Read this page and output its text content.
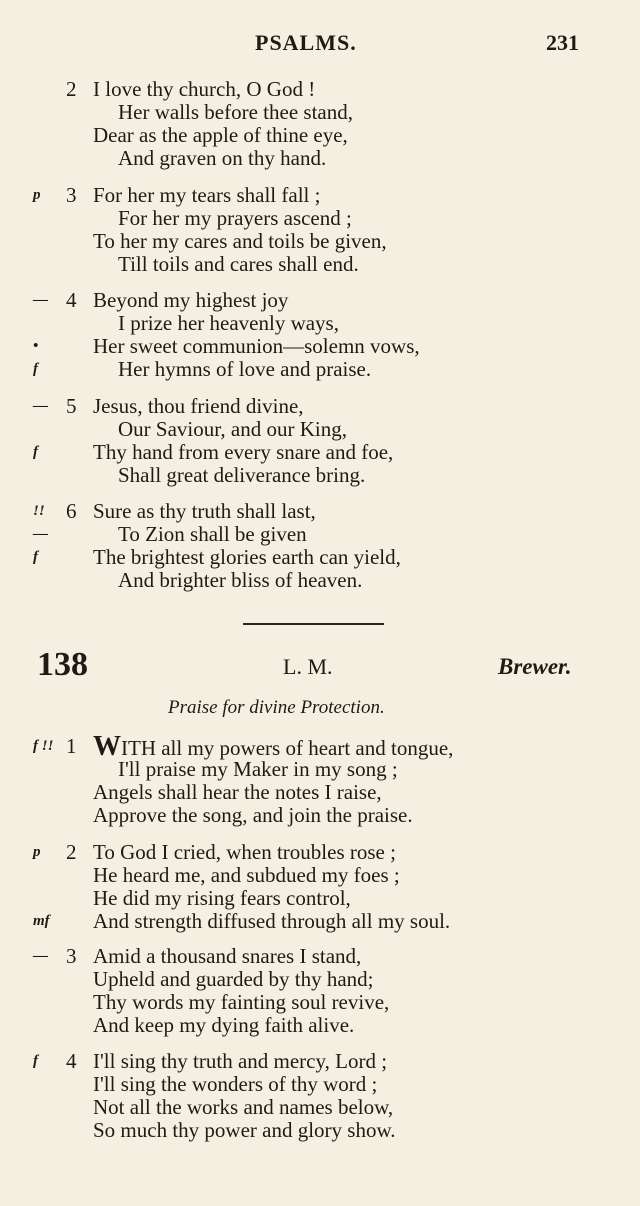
PSALMS.	231
2 I love thy church, O God !
Her walls before thee stand,
Dear as the apple of thine eye,
And graven on thy hand.
p 3 For her my tears shall fall ;
For her my prayers ascend ;
To her my cares and toils be given,
Till toils and cares shall end.
— 4 Beyond my highest joy
I prize her heavenly ways,
•	Her sweet communion—solemn vows,
f	Her hymns of love and praise.
— 5 Jesus, thou friend divine,
Our Saviour, and our King,
f	Thy hand from every snare and foe,
Shall great deliverance bring.
!! 6 Sure as thy truth shall last,
—	To Zion shall be given
f	The brightest glories earth can yield,
And brighter bliss of heaven.
138	L. M.	Brewer.
Praise for divine Protection.
f !! 1 WITH all my powers of heart and tongue,
I'll praise my Maker in my song ;
Angels shall hear the notes I raise,
Approve the song, and join the praise.
p 2 To God I cried, when troubles rose ;
He heard me, and subdued my foes ;
He did my rising fears control,
mf And strength diffused through all my soul.
— 3 Amid a thousand snares I stand,
Upheld and guarded by thy hand;
Thy words my fainting soul revive,
And keep my dying faith alive.
f 4 I'll sing thy truth and mercy, Lord ;
I'll sing the wonders of thy word ;
Not all the works and names below,
So much thy power and glory show.
